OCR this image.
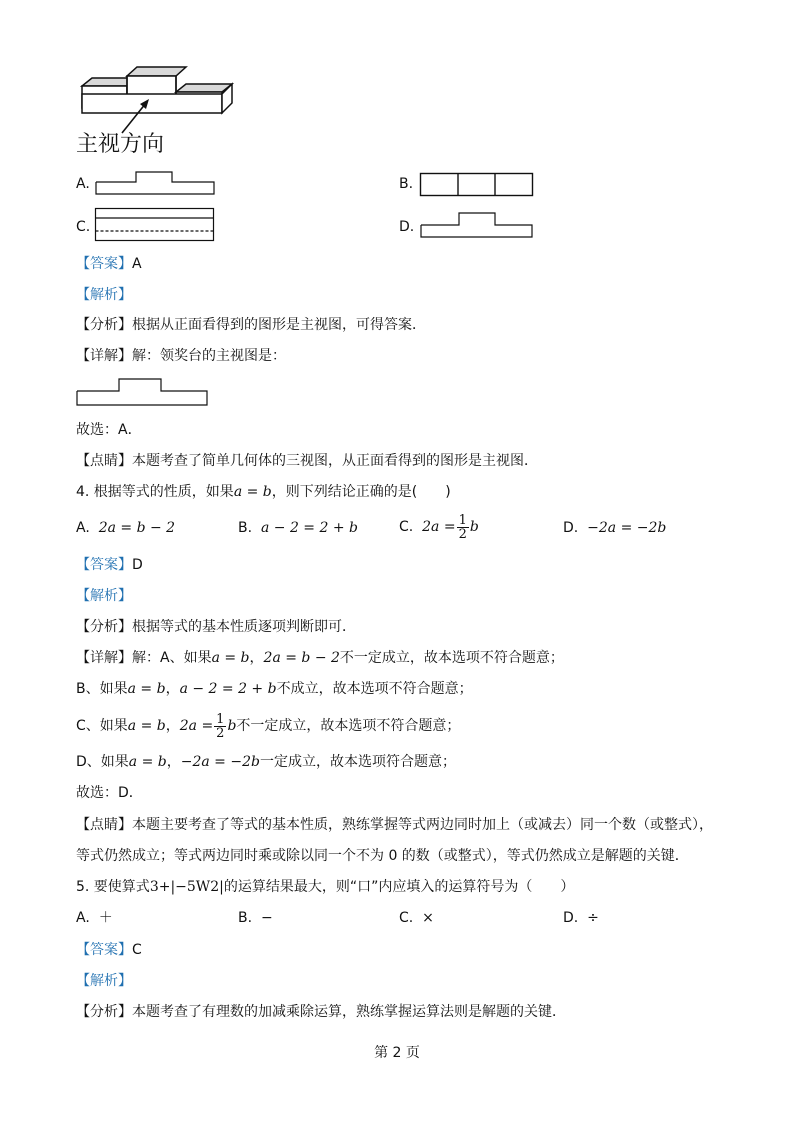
主视方向
A.	B.
C.	D.
【答案】A
【解析】
【分析】根据从正面看得到的图形是主视图，可得答案．
【详解】解：领奖台的主视图是：
故选：A．
【点睛】本题考查了简单几何体的三视图，从正面看得到的图形是主视图．
4. 根据等式的性质，如果a = b，则下列结论正确的是(　　)
A. 2a = b − 2	B. a − 2 = 2 + b	C. $2a = \frac{1}{2}$ b	D. −2a = −2b
【答案】D
【解析】
【分析】根据等式的基本性质逐项判断即可．
【详解】解：A、如果a = b，2a = b − 2不一定成立，故本选项不符合题意；
B、如果a = b，a − 2 = 2 + b不成立，故本选项不符合题意；
C、如果a = b，$2a = \frac{1}{2}$ b不一定成立，故本选项不符合题意；
D、如果a = b，−2a = −2b一定成立，故本选项符合题意；
故选：D．
【点睛】本题主要考查了等式的基本性质，熟练掌握等式两边同时加上（或减去）同一个数（或整式），
等式仍然成立；等式两边同时乘或除以同一个不为 0 的数（或整式），等式仍然成立是解题的关键．
5. 要使算式3+|−5W2|的运算结果最大，则“口”内应填入的运算符号为（　　）
A. ＋	B. −	C. ×	D. ÷
【答案】C
【解析】
【分析】本题考查了有理数的加减乘除运算，熟练掌握运算法则是解题的关键．
第 2 页
